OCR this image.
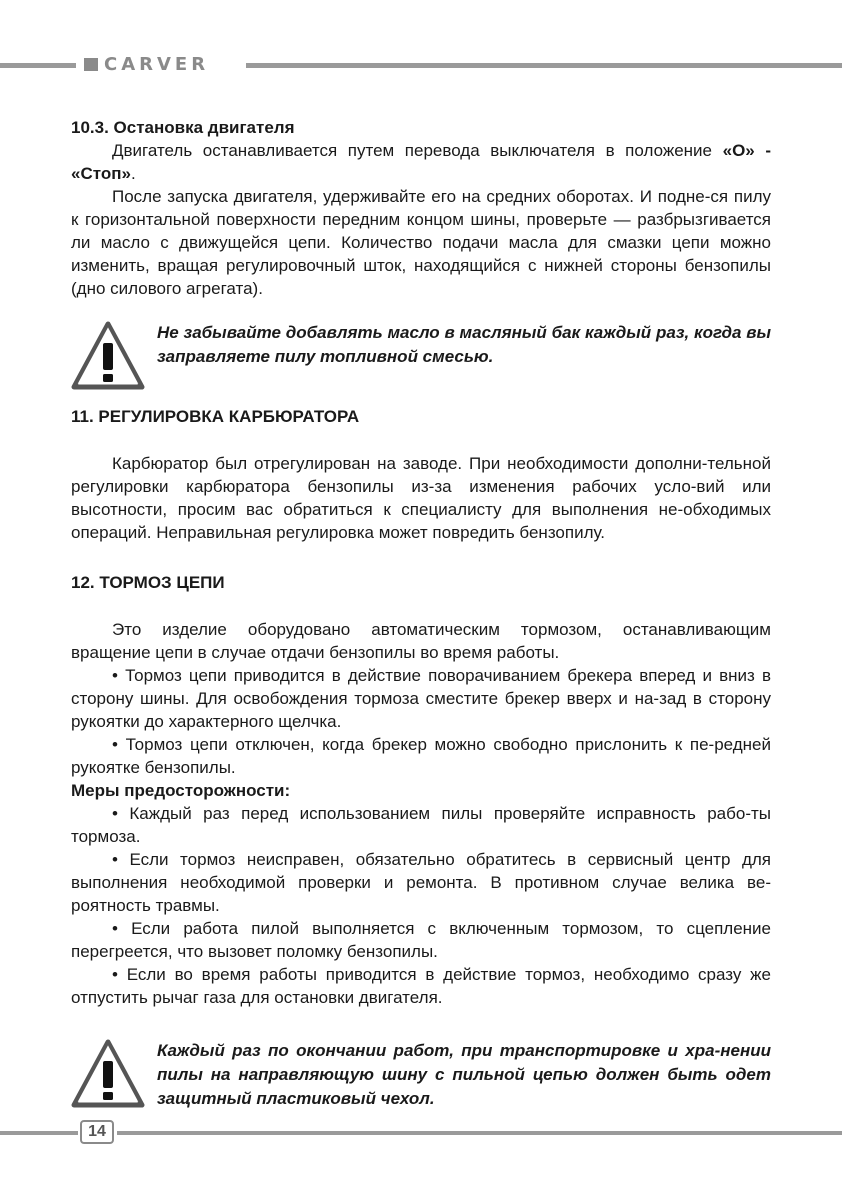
CARVER

10.3. Остановка двигателя

Двигатель останавливается путем перевода выключателя в положение «О» - «Стоп».

После запуска двигателя, удерживайте его на средних оборотах. И подне-ся пилу к горизонтальной поверхности передним концом шины, проверьте — разбрызгивается ли масло с движущейся цепи. Количество подачи масла для смазки цепи можно изменить, вращая регулировочный шток, находящийся с нижней стороны бензопилы (дно силового агрегата).

Не забывайте добавлять масло в масляный бак каждый раз, когда вы заправляете пилу топливной смесью.

11. РЕГУЛИРОВКА КАРБЮРАТОРА

Карбюратор был отрегулирован на заводе. При необходимости дополни-тельной регулировки карбюратора бензопилы из-за изменения рабочих усло-вий или высотности, просим вас обратиться к специалисту для выполнения не-обходимых операций. Неправильная регулировка может повредить бензопилу.

12. ТОРМОЗ ЦЕПИ

Это изделие оборудовано автоматическим тормозом, останавливающим вращение цепи в случае отдачи бензопилы во время работы.

• Тормоз цепи приводится в действие поворачиванием брекера вперед и вниз в сторону шины. Для освобождения тормоза сместите брекер вверх и на-зад в сторону рукоятки до характерного щелчка.

• Тормоз цепи отключен, когда брекер можно свободно прислонить к пе-редней рукоятке бензопилы.

Меры предосторожности:

• Каждый раз перед использованием пилы проверяйте исправность рабо-ты тормоза.

• Если тормоз неисправен, обязательно обратитесь в сервисный центр для выполнения необходимой проверки и ремонта. В противном случае велика ве-роятность травмы.

• Если работа пилой выполняется с включенным тормозом, то сцепление перегреется, что вызовет поломку бензопилы.

• Если во время работы приводится в действие тормоз, необходимо сразу же отпустить рычаг газа для остановки двигателя.

Каждый раз по окончании работ, при транспортировке и хра-нении пилы на направляющую шину с пильной цепью должен быть одет защитный пластиковый чехол.

14
